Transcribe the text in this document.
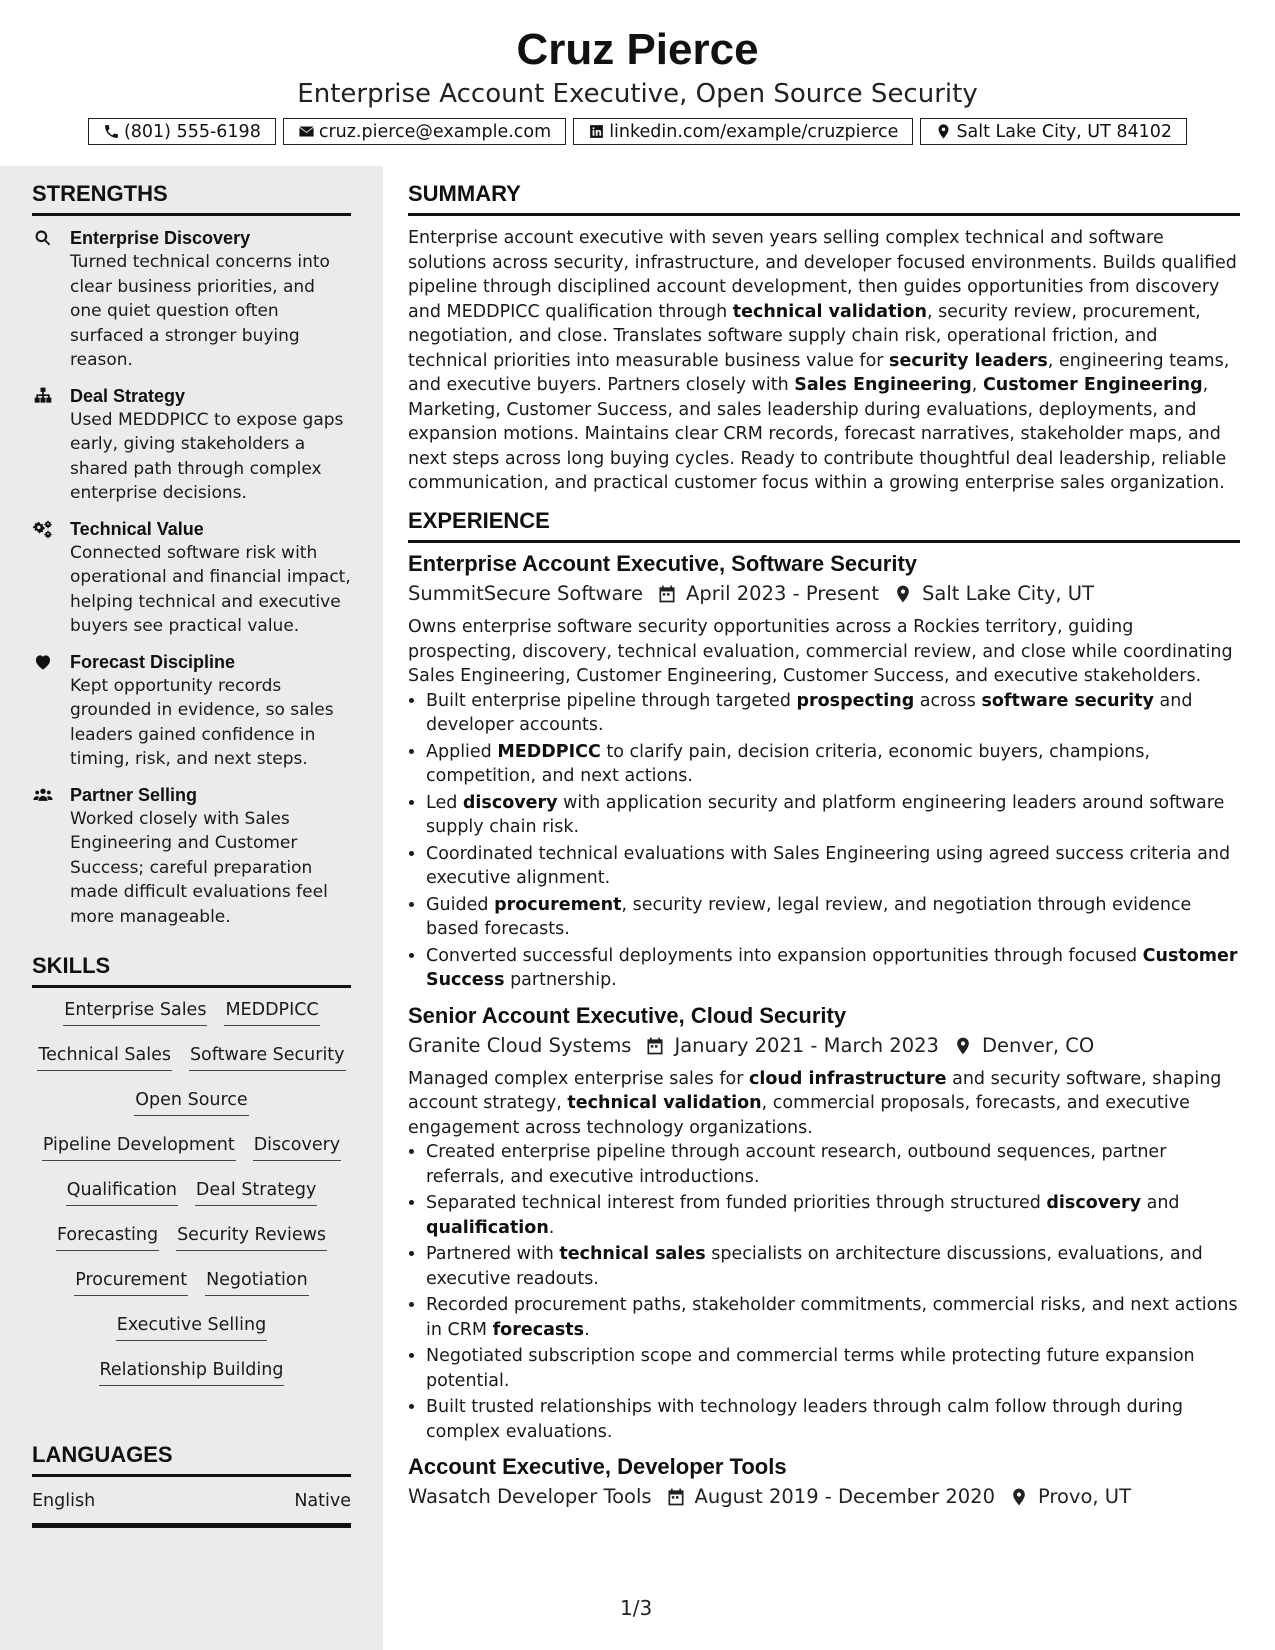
Cruz Pierce
Enterprise Account Executive, Open Source Security
(801) 555-6198	cruz.pierce@example.com	linkedin.com/example/cruzpierce	Salt Lake City, UT 84102
STRENGTHS
Enterprise Discovery
Turned technical concerns into clear business priorities, and one quiet question often surfaced a stronger buying reason.
Deal Strategy
Used MEDDPICC to expose gaps early, giving stakeholders a shared path through complex enterprise decisions.
Technical Value
Connected software risk with operational and financial impact, helping technical and executive buyers see practical value.
Forecast Discipline
Kept opportunity records grounded in evidence, so sales leaders gained confidence in timing, risk, and next steps.
Partner Selling
Worked closely with Sales Engineering and Customer Success; careful preparation made difficult evaluations feel more manageable.
SKILLS
Enterprise Sales MEDDPICC
Technical Sales Software Security
Open Source
Pipeline Development Discovery
Qualification Deal Strategy
Forecasting Security Reviews
Procurement Negotiation
Executive Selling
Relationship Building
LANGUAGES
English	Native
SUMMARY
Enterprise account executive with seven years selling complex technical and software solutions across security, infrastructure, and developer focused environments. Builds qualified pipeline through disciplined account development, then guides opportunities from discovery and MEDDPICC qualification through technical validation, security review, procurement, negotiation, and close. Translates software supply chain risk, operational friction, and technical priorities into measurable business value for security leaders, engineering teams, and executive buyers. Partners closely with Sales Engineering, Customer Engineering, Marketing, Customer Success, and sales leadership during evaluations, deployments, and expansion motions. Maintains clear CRM records, forecast narratives, stakeholder maps, and next steps across long buying cycles. Ready to contribute thoughtful deal leadership, reliable communication, and practical customer focus within a growing enterprise sales organization.
EXPERIENCE
Enterprise Account Executive, Software Security
SummitSecure Software April 2023 - Present Salt Lake City, UT
Owns enterprise software security opportunities across a Rockies territory, guiding prospecting, discovery, technical evaluation, commercial review, and close while coordinating Sales Engineering, Customer Engineering, Customer Success, and executive stakeholders.
• Built enterprise pipeline through targeted prospecting across software security and developer accounts.
• Applied MEDDPICC to clarify pain, decision criteria, economic buyers, champions, competition, and next actions.
• Led discovery with application security and platform engineering leaders around software supply chain risk.
• Coordinated technical evaluations with Sales Engineering using agreed success criteria and executive alignment.
• Guided procurement, security review, legal review, and negotiation through evidence based forecasts.
• Converted successful deployments into expansion opportunities through focused Customer Success partnership.
Senior Account Executive, Cloud Security
Granite Cloud Systems January 2021 - March 2023 Denver, CO
Managed complex enterprise sales for cloud infrastructure and security software, shaping account strategy, technical validation, commercial proposals, forecasts, and executive engagement across technology organizations.
• Created enterprise pipeline through account research, outbound sequences, partner referrals, and executive introductions.
• Separated technical interest from funded priorities through structured discovery and qualification.
• Partnered with technical sales specialists on architecture discussions, evaluations, and executive readouts.
• Recorded procurement paths, stakeholder commitments, commercial risks, and next actions in CRM forecasts.
• Negotiated subscription scope and commercial terms while protecting future expansion potential.
• Built trusted relationships with technology leaders through calm follow through during complex evaluations.
Account Executive, Developer Tools
Wasatch Developer Tools August 2019 - December 2020 Provo, UT
1/3
